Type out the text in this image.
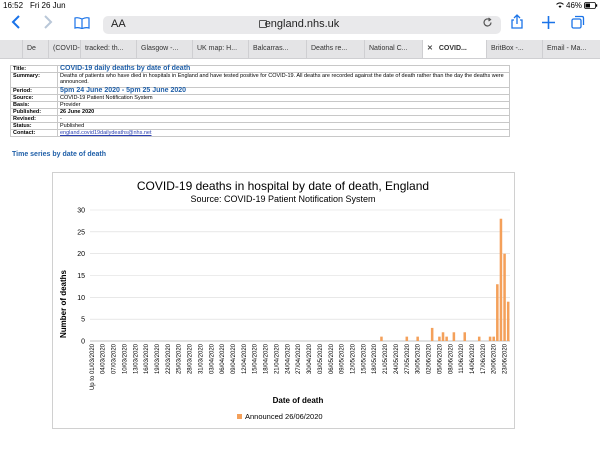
16:52 Fri 26 Jun	46%
AA	england.nhs.uk
De	(COVID- tracked: th...	Glasgow -...	UK map: H...	Balcarras...	Deaths re...	National C...	✕ COVID...	BritBox -...	Email - Ma...
Title:	COVID-19 daily deaths by date of death
Summary:	Deaths of patients who have died in hospitals in England and have tested positive for COVID-19. All deaths are recorded against the date of death rather than the day the deaths were announced.
Period:	5pm 24 June 2020 - 5pm 25 June 2020
Source:	COVID-19 Patient Notification System
Basis:	Provider
Published:	26 June 2020
Revised:	-
Status:	Published
Contact:	england.covid19dailydeaths@nhs.net
Time series by date of death
COVID-19 deaths in hospital by date of death, England
Source: COVID-19 Patient Notification System
0
5
10
15
20
25
30
Up to 01/03/2020 04/03/2020 07/03/2020 10/03/2020 13/03/2020 16/03/2020 19/03/2020 22/03/2020 25/03/2020 28/03/2020 31/03/2020 03/04/2020 06/04/2020 09/04/2020 12/04/2020 15/04/2020 18/04/2020 21/04/2020 24/04/2020 27/04/2020 30/04/2020 03/05/2020 06/05/2020 09/05/2020 12/05/2020 15/05/2020 18/05/2020 21/05/2020 24/05/2020 27/05/2020 30/05/2020 02/06/2020 05/06/2020 08/06/2020 11/06/2020 14/06/2020 17/06/2020 20/06/2020 23/06/2020
Number of deaths
Date of death
Announced 26/06/2020
